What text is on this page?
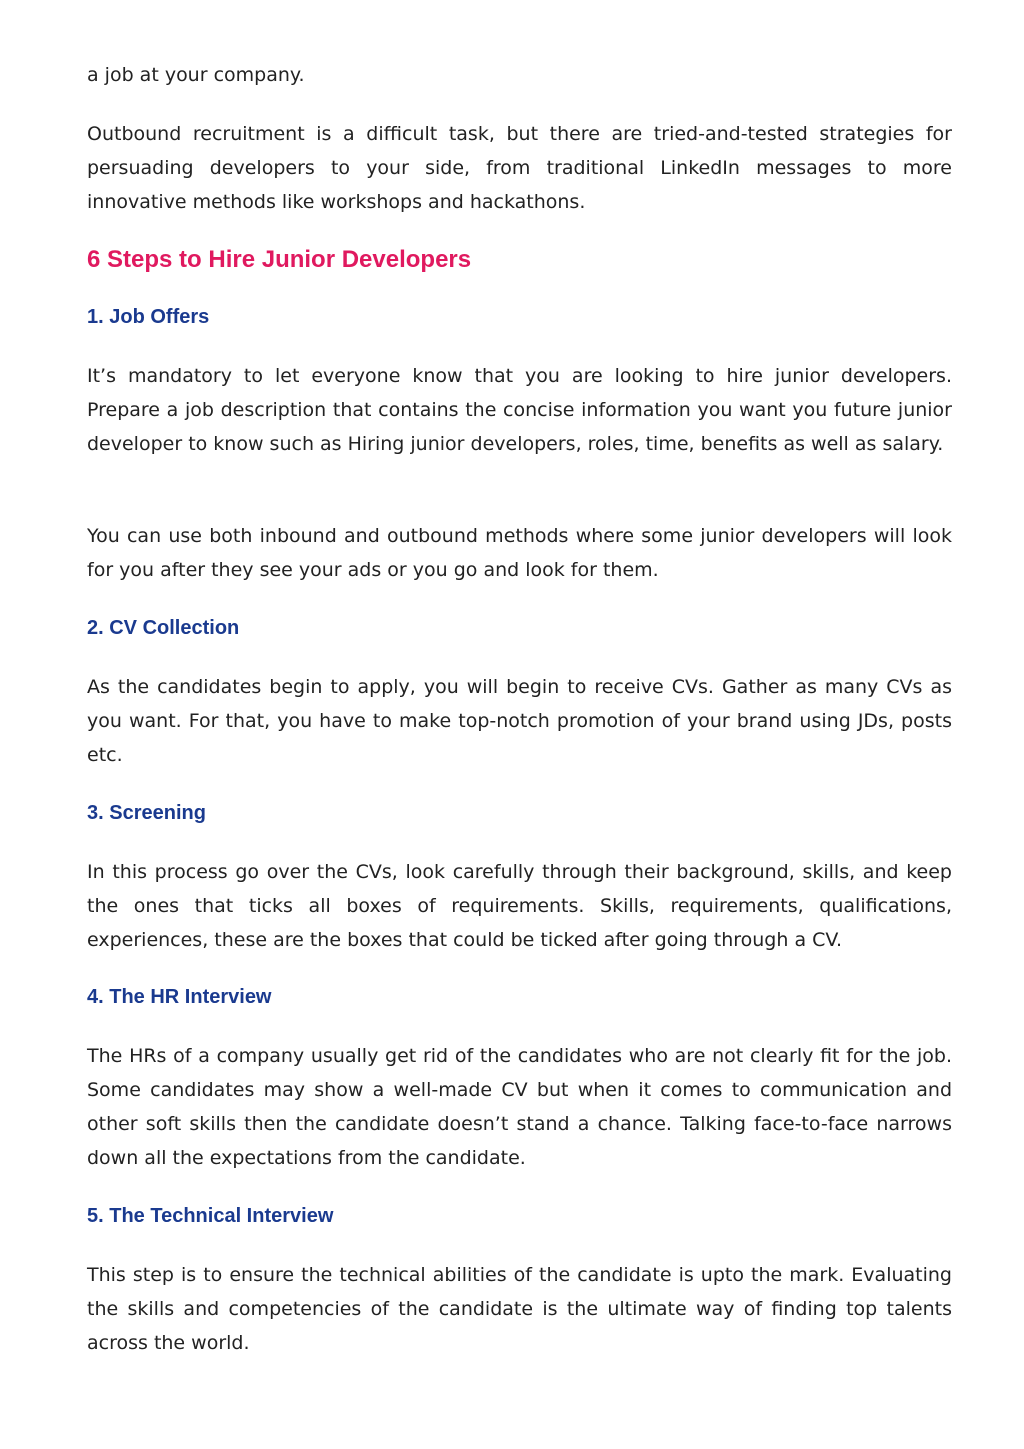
a job at your company.

Outbound recruitment is a difficult task, but there are tried-and-tested strategies for persuading developers to your side, from traditional LinkedIn messages to more innovative methods like workshops and hackathons.

6 Steps to Hire Junior Developers
1. Job Offers

It’s mandatory to let everyone know that you are looking to hire junior developers. Prepare a job description that contains the concise information you want you future junior developer to know such as Hiring junior developers, roles, time, benefits as well as salary.

You can use both inbound and outbound methods where some junior developers will look for you after they see your ads or you go and look for them.

2. CV Collection

As the candidates begin to apply, you will begin to receive CVs. Gather as many CVs as you want. For that, you have to make top-notch promotion of your brand using JDs, posts etc.

3. Screening

In this process go over the CVs, look carefully through their background, skills, and keep the ones that ticks all boxes of requirements. Skills, requirements, qualifications, experiences, these are the boxes that could be ticked after going through a CV.

4. The HR Interview

The HRs of a company usually get rid of the candidates who are not clearly fit for the job. Some candidates may show a well-made CV but when it comes to communication and other soft skills then the candidate doesn’t stand a chance. Talking face-to-face narrows down all the expectations from the candidate.

5. The Technical Interview

This step is to ensure the technical abilities of the candidate is upto the mark. Evaluating the skills and competencies of the candidate is the ultimate way of finding top talents across the world.
